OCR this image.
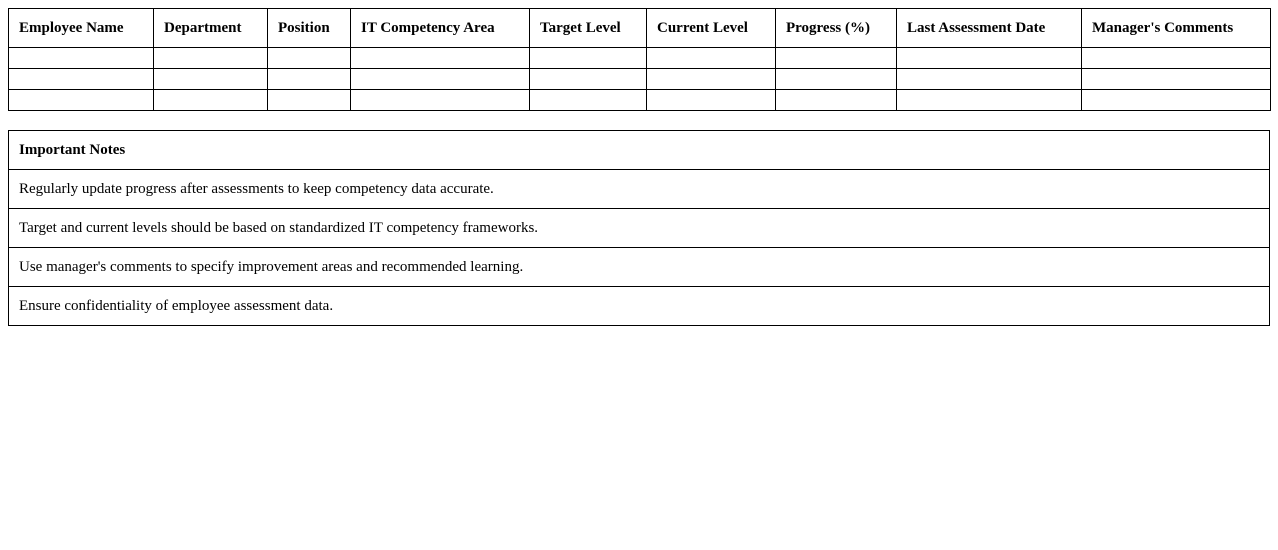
Employee Name	Department	Position	IT Competency Area	Target Level	Current Level	Progress (%)	Last Assessment Date	Manager's Comments

Important Notes
Regularly update progress after assessments to keep competency data accurate.
Target and current levels should be based on standardized IT competency frameworks.
Use manager's comments to specify improvement areas and recommended learning.
Ensure confidentiality of employee assessment data.
